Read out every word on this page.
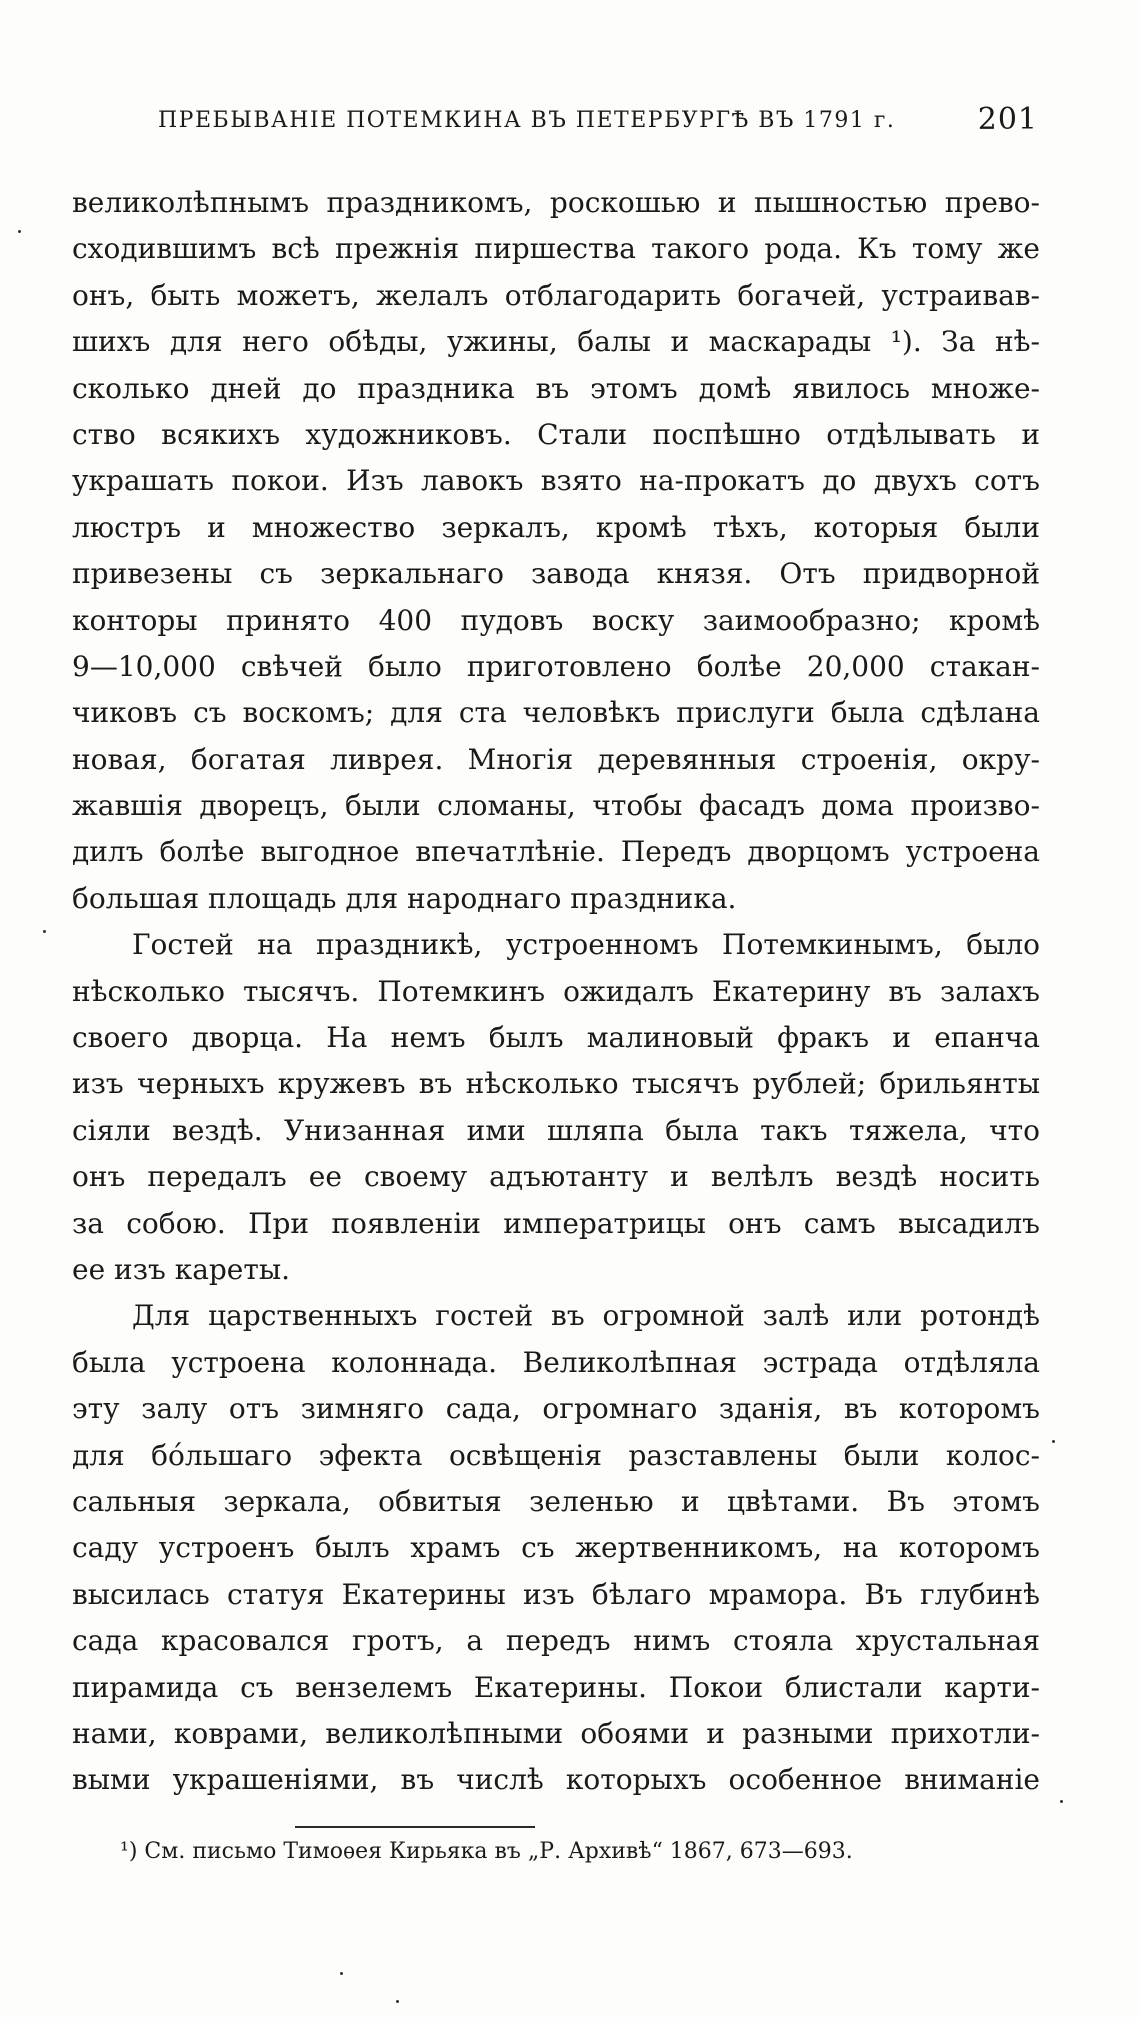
ПРЕБЫВАНІЕ ПОТЕМКИНА ВЪ ПЕТЕРБУРГѢ ВЪ 1791 г.	201
великолѣпнымъ праздникомъ, роскошью и пышностью прево-
сходившимъ всѣ прежнія пиршества такого рода. Къ тому же
онъ, быть можетъ, желалъ отблагодарить богачей, устраивав-
шихъ для него обѣды, ужины, балы и маскарады ¹). За нѣ-
сколько дней до праздника въ этомъ домѣ явилось множе-
ство всякихъ художниковъ. Стали поспѣшно отдѣлывать и
украшать покои. Изъ лавокъ взято на-прокатъ до двухъ сотъ
люстръ и множество зеркалъ, кромѣ тѣхъ, которыя были
привезены съ зеркальнаго завода князя. Отъ придворной
конторы принято 400 пудовъ воску заимообразно; кромѣ
9—10,000 свѣчей было приготовлено болѣе 20,000 стакан-
чиковъ съ воскомъ; для ста человѣкъ прислуги была сдѣлана
новая, богатая ливрея. Многія деревянныя строенія, окру-
жавшія дворецъ, были сломаны, чтобы фасадъ дома произво-
дилъ болѣе выгодное впечатлѣніе. Передъ дворцомъ устроена
большая площадь для народнаго праздника.
Гостей на праздникѣ, устроенномъ Потемкинымъ, было
нѣсколько тысячъ. Потемкинъ ожидалъ Екатерину въ залахъ
своего дворца. На немъ былъ малиновый фракъ и епанча
изъ черныхъ кружевъ въ нѣсколько тысячъ рублей; брильянты
сіяли вездѣ. Унизанная ими шляпа была такъ тяжела, что
онъ передалъ ее своему адъютанту и велѣлъ вездѣ носить
за собою. При появленіи императрицы онъ самъ высадилъ
ее изъ кареты.
Для царственныхъ гостей въ огромной залѣ или ротондѣ
была устроена колоннада. Великолѣпная эстрада отдѣляла
эту залу отъ зимняго сада, огромнаго зданія, въ которомъ
для бо́льшаго эфекта освѣщенія разставлены были колос-
сальныя зеркала, обвитыя зеленью и цвѣтами. Въ этомъ
саду устроенъ былъ храмъ съ жертвенникомъ, на которомъ
высилась статуя Екатерины изъ бѣлаго мрамора. Въ глубинѣ
сада красовался гротъ, а передъ нимъ стояла хрустальная
пирамида съ вензелемъ Екатерины. Покои блистали карти-
нами, коврами, великолѣпными обоями и разными прихотли-
выми украшеніями, въ числѣ которыхъ особенное вниманіе
¹) См. письмо Тимоѳея Кирьяка въ „Р. Архивѣ“ 1867, 673—693.
